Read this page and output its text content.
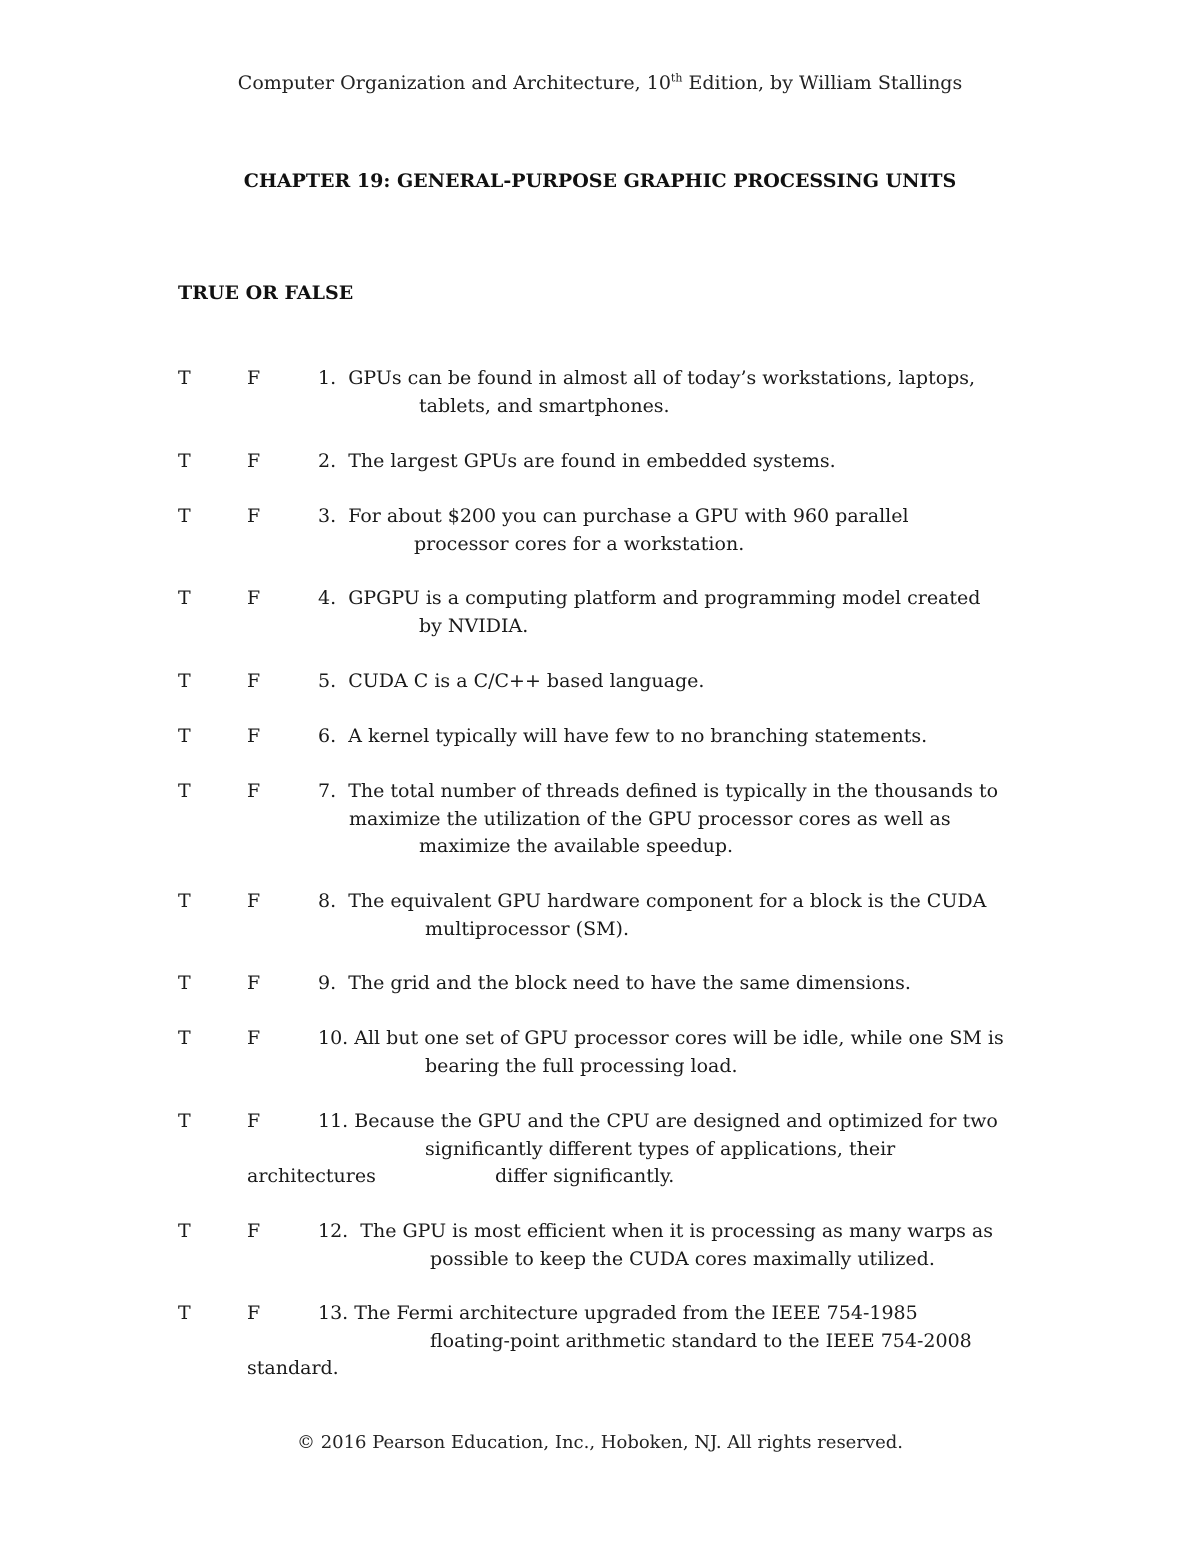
Computer Organization and Architecture, 10th Edition, by William Stallings
CHAPTER 19: GENERAL-PURPOSE GRAPHIC PROCESSING UNITS
TRUE OR FALSE
T	F	1.  GPUs can be found in almost all of today’s workstations, laptops,
tablets, and smartphones.
T	F	2.  The largest GPUs are found in embedded systems.
T	F	3.  For about $200 you can purchase a GPU with 960 parallel
processor cores for a workstation.
T	F	4.  GPGPU is a computing platform and programming model created
by NVIDIA.
T	F	5.  CUDA C is a C/C++ based language.
T	F	6.  A kernel typically will have few to no branching statements.
T	F	7.  The total number of threads defined is typically in the thousands to
maximize the utilization of the GPU processor cores as well as
maximize the available speedup.
T	F	8.  The equivalent GPU hardware component for a block is the CUDA
multiprocessor (SM).
T	F	9.  The grid and the block need to have the same dimensions.
T	F	10. All but one set of GPU processor cores will be idle, while one SM is
bearing the full processing load.
T	F	11. Because the GPU and the CPU are designed and optimized for two
significantly different types of applications, their
architectures	differ significantly.
T	F	12.  The GPU is most efficient when it is processing as many warps as
possible to keep the CUDA cores maximally utilized.
T	F	13. The Fermi architecture upgraded from the IEEE 754-1985
floating-point arithmetic standard to the IEEE 754-2008
standard.
© 2016 Pearson Education, Inc., Hoboken, NJ. All rights reserved.
